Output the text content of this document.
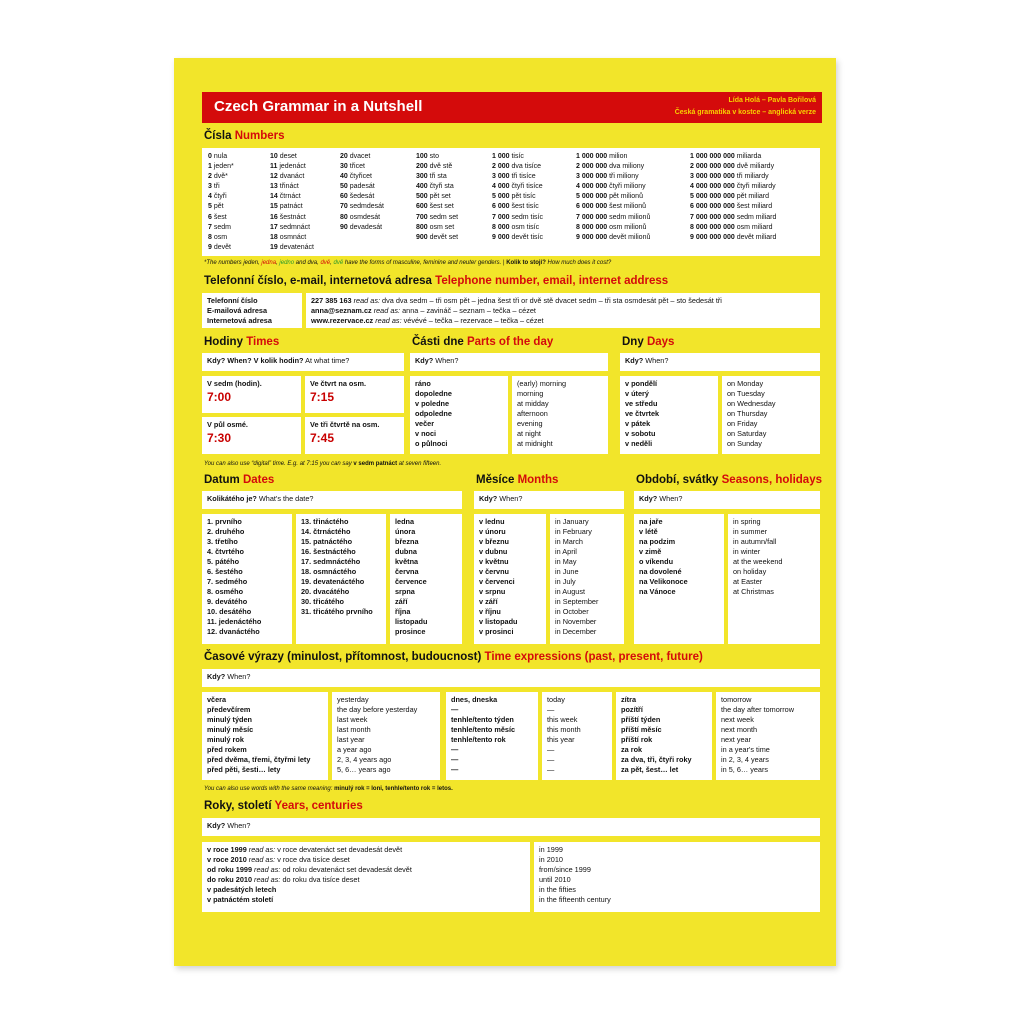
Czech Grammar in a Nutshell	Lída Holá – Pavla Bořilová
Česká gramatika v kostce – anglická verze
Čísla Numbers
0 nula
1 jeden*
2 dvě*
3 tři
4 čtyři
5 pět
6 šest
7 sedm
8 osm
9 devět
10 deset
11 jedenáct
12 dvanáct
13 třináct
14 čtrnáct
15 patnáct
16 šestnáct
17 sedmnáct
18 osmnáct
19 devatenáct
20 dvacet
30 třicet
40 čtyřicet
50 padesát
60 šedesát
70 sedmdesát
80 osmdesát
90 devadesát
100 sto
200 dvě stě
300 tři sta
400 čtyři sta
500 pět set
600 šest set
700 sedm set
800 osm set
900 devět set
1 000 tisíc
2 000 dva tisíce
3 000 tři tisíce
4 000 čtyři tisíce
5 000 pět tisíc
6 000 šest tisíc
7 000 sedm tisíc
8 000 osm tisíc
9 000 devět tisíc
1 000 000 milion
2 000 000 dva miliony
3 000 000 tři miliony
4 000 000 čtyři miliony
5 000 000 pět milionů
6 000 000 šest milionů
7 000 000 sedm milionů
8 000 000 osm milionů
9 000 000 devět milionů
1 000 000 000 miliarda
2 000 000 000 dvě miliardy
3 000 000 000 tři miliardy
4 000 000 000 čtyři miliardy
5 000 000 000 pět miliard
6 000 000 000 šest miliard
7 000 000 000 sedm miliard
8 000 000 000 osm miliard
9 000 000 000 devět miliard
*The numbers jeden, jedna, jedno and dva, dvě, dvě have the forms of masculine, feminine and neuter genders. | Kolik to stojí? How much does it cost?
Telefonní číslo, e-mail, internetová adresa Telephone number, email, internet address
Telefonní číslo
E-mailová adresa
Internetová adresa
227 385 163 read as: dva dva sedm – tři osm pět – jedna šest tři or dvě stě dvacet sedm – tři sta osmdesát pět – sto šedesát tři
anna@seznam.cz read as: anna – zavináč – seznam – tečka – cézet
www.rezervace.cz read as: vévévé – tečka – rezervace – tečka – cézet
Hodiny Times
Kdy? When? V kolik hodin? At what time?
V sedm (hodin).
7:00
Ve čtvrt na osm.
7:15
V půl osmé.
7:30
Ve tři čtvrtě na osm.
7:45
You can also use “digital” time. E.g. at 7:15 you can say v sedm patnáct at seven fifteen.
Části dne Parts of the day
Kdy? When?
ráno
dopoledne
v poledne
odpoledne
večer
v noci
o půlnoci
(early) morning
morning
at midday
afternoon
evening
at night
at midnight
Dny Days
Kdy? When?
v pondělí
v úterý
ve středu
ve čtvrtek
v pátek
v sobotu
v neděli
on Monday
on Tuesday
on Wednesday
on Thursday
on Friday
on Saturday
on Sunday
Datum Dates
Kolikátého je? What's the date?
1. prvního
2. druhého
3. třetího
4. čtvrtého
5. pátého
6. šestého
7. sedmého
8. osmého
9. devátého
10. desátého
11. jedenáctého
12. dvanáctého
13. třináctého
14. čtrnáctého
15. patnáctého
16. šestnáctého
17. sedmnáctého
18. osmnáctého
19. devatenáctého
20. dvacátého
30. třicátého
31. třicátého prvního
ledna
února
března
dubna
května
června
července
srpna
září
října
listopadu
prosince
Měsíce Months
Kdy? When?
v lednu
v únoru
v březnu
v dubnu
v květnu
v červnu
v červenci
v srpnu
v září
v říjnu
v listopadu
v prosinci
in January
in February
in March
in April
in May
in June
in July
in August
in September
in October
in November
in December
Období, svátky Seasons, holidays
Kdy? When?
na jaře
v létě
na podzim
v zimě
o víkendu
na dovolené
na Velikonoce
na Vánoce
in spring
in summer
in autumn/fall
in winter
at the weekend
on holiday
at Easter
at Christmas
Časové výrazy (minulost, přítomnost, budoucnost) Time expressions (past, present, future)
Kdy? When?
včera
předevčírem
minulý týden
minulý měsíc
minulý rok
před rokem
před dvěma, třemi, čtyřmi lety
před pěti, šesti… lety
yesterday
the day before yesterday
last week
last month
last year
a year ago
2, 3, 4 years ago
5, 6… years ago
dnes, dneska
—
tenhle/tento týden
tenhle/tento měsíc
tenhle/tento rok
—
—
—
today
—
this week
this month
this year
—
—
—
zítra
pozítří
příští týden
příští měsíc
příští rok
za rok
za dva, tři, čtyři roky
za pět, šest… let
tomorrow
the day after tomorrow
next week
next month
next year
in a year's time
in 2, 3, 4 years
in 5, 6… years
You can also use words with the same meaning: minulý rok = loni, tenhle/tento rok = letos.
Roky, století Years, centuries
Kdy? When?
v roce 1999 read as: v roce devatenáct set devadesát devět
v roce 2010 read as: v roce dva tisíce deset
od roku 1999 read as: od roku devatenáct set devadesát devět
do roku 2010 read as: do roku dva tisíce deset
v padesátých letech
v patnáctém století
in 1999
in 2010
from/since 1999
until 2010
in the fifties
in the fifteenth century
